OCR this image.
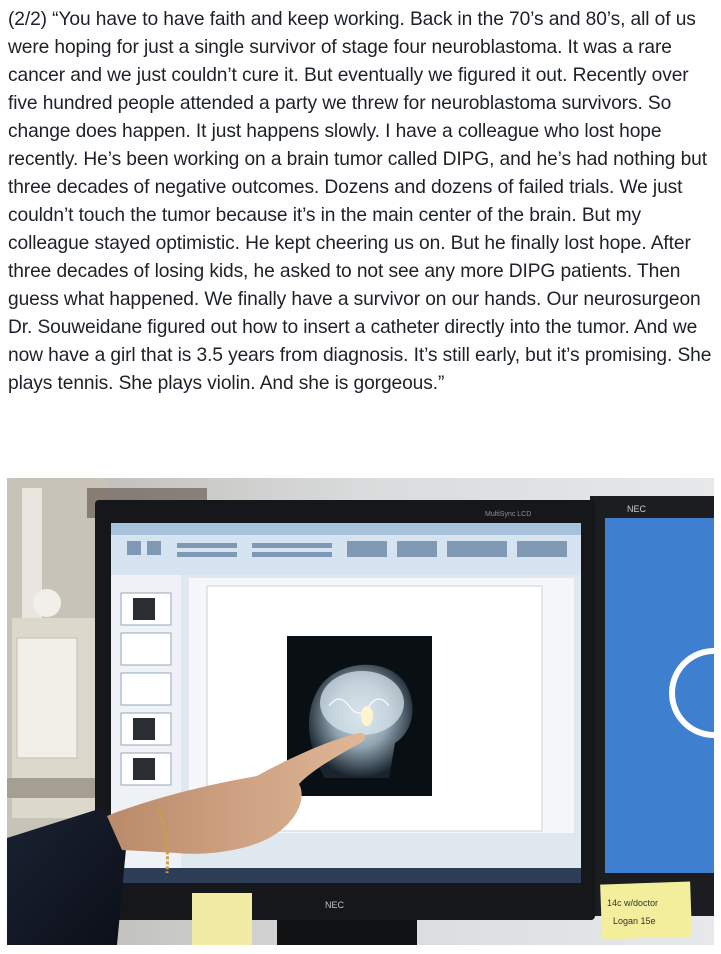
(2/2) “You have to have faith and keep working. Back in the 70’s and 80’s, all of us were hoping for just a single survivor of stage four neuroblastoma. It was a rare cancer and we just couldn’t cure it. But eventually we figured it out. Recently over five hundred people attended a party we threw for neuroblastoma survivors. So change does happen. It just happens slowly. I have a colleague who lost hope recently. He’s been working on a brain tumor called DIPG, and he’s had nothing but three decades of negative outcomes. Dozens and dozens of failed trials. We just couldn’t touch the tumor because it’s in the main center of the brain. But my colleague stayed optimistic. He kept cheering us on. But he finally lost hope. After three decades of losing kids, he asked to not see any more DIPG patients. Then guess what happened. We finally have a survivor on our hands. Our neurosurgeon Dr. Souweidane figured out how to insert a catheter directly into the tumor. And we now have a girl that is 3.5 years from diagnosis. It’s still early, but it’s promising. She plays tennis. She plays violin. And she is gorgeous.”
NEC
14c w/doctor
Logan 15e
MultiSync LCD
NEC
